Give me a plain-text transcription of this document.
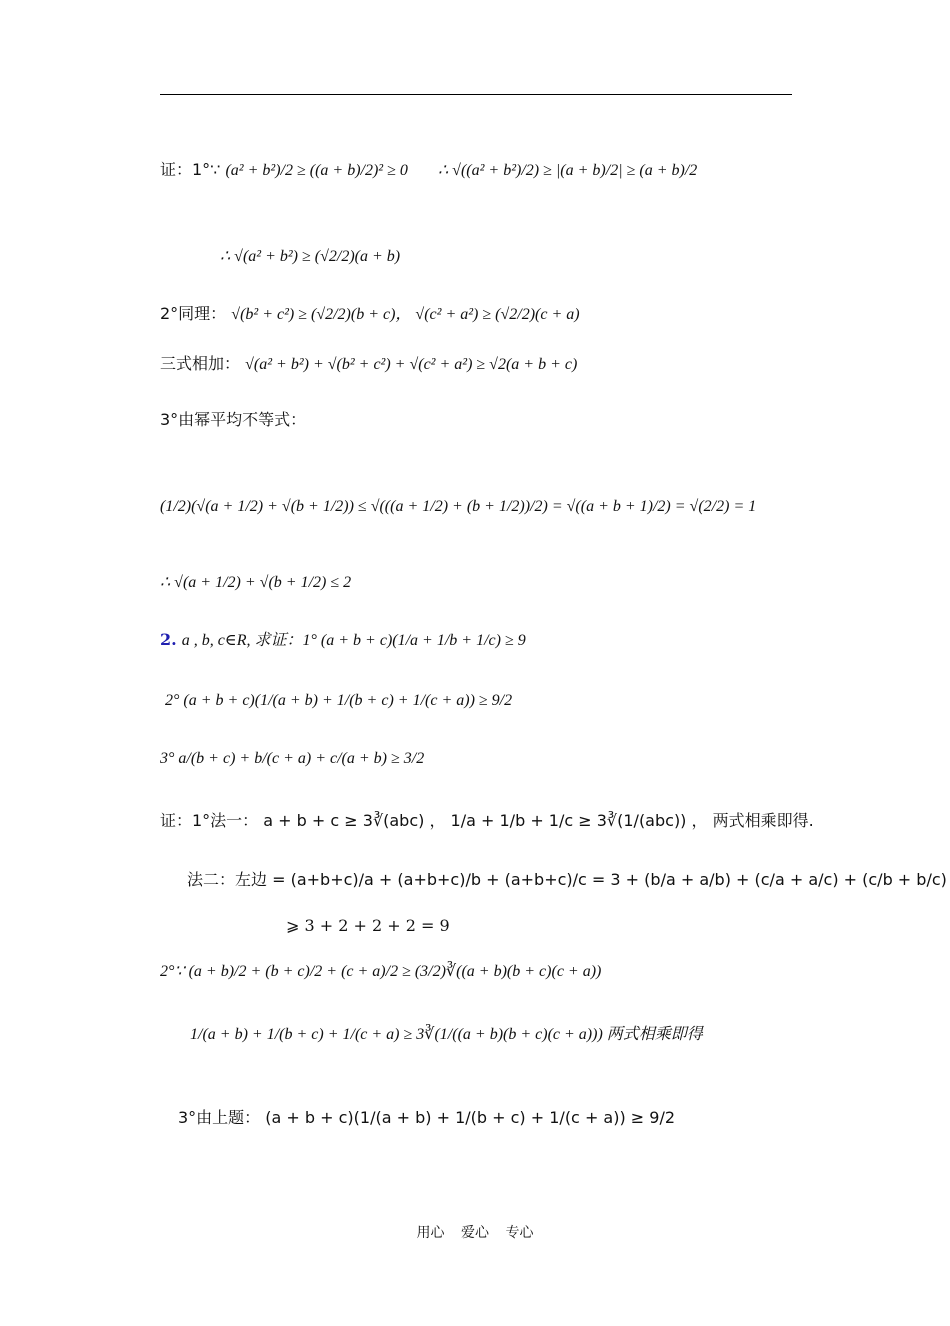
证：1°∵ (a² + b²)/2 ≥ ((a + b)/2)² ≥ 0 ∴ √((a² + b²)/2) ≥ |(a + b)/2| ≥ (a + b)/2
∴ √(a² + b²) ≥ (√2/2)(a + b)
2°同理： √(b² + c²) ≥ (√2/2)(b + c)， √(c² + a²) ≥ (√2/2)(c + a)
三式相加： √(a² + b²) + √(b² + c²) + √(c² + a²) ≥ √2(a + b + c)
3°由幂平均不等式：
(1/2)(√(a + 1/2) + √(b + 1/2)) ≤ √(((a + 1/2) + (b + 1/2))/2) = √((a + b + 1)/2) = √(2/2) = 1
∴ √(a + 1/2) + √(b + 1/2) ≤ 2
2. a , b, c∈R, 求证：1° (a + b + c)(1/a + 1/b + 1/c) ≥ 9
2° (a + b + c)(1/(a + b) + 1/(b + c) + 1/(c + a)) ≥ 9/2
3° a/(b + c) + b/(c + a) + c/(a + b) ≥ 3/2
证：1°法一： a + b + c ≥ 3∛(abc) ， 1/a + 1/b + 1/c ≥ 3∛(1/(abc)) ， 两式相乘即得.
法二：左边 = (a+b+c)/a + (a+b+c)/b + (a+b+c)/c = 3 + (b/a + a/b) + (c/a + a/c) + (c/b + b/c)
⩾ 3 + 2 + 2 + 2 = 9
2°∵ (a + b)/2 + (b + c)/2 + (c + a)/2 ≥ (3/2)∛((a + b)(b + c)(c + a))
1/(a + b) + 1/(b + c) + 1/(c + a) ≥ 3∛(1/((a + b)(b + c)(c + a))) 两式相乘即得
3°由上题： (a + b + c)(1/(a + b) + 1/(b + c) + 1/(c + a)) ≥ 9/2
用心 爱心 专心
